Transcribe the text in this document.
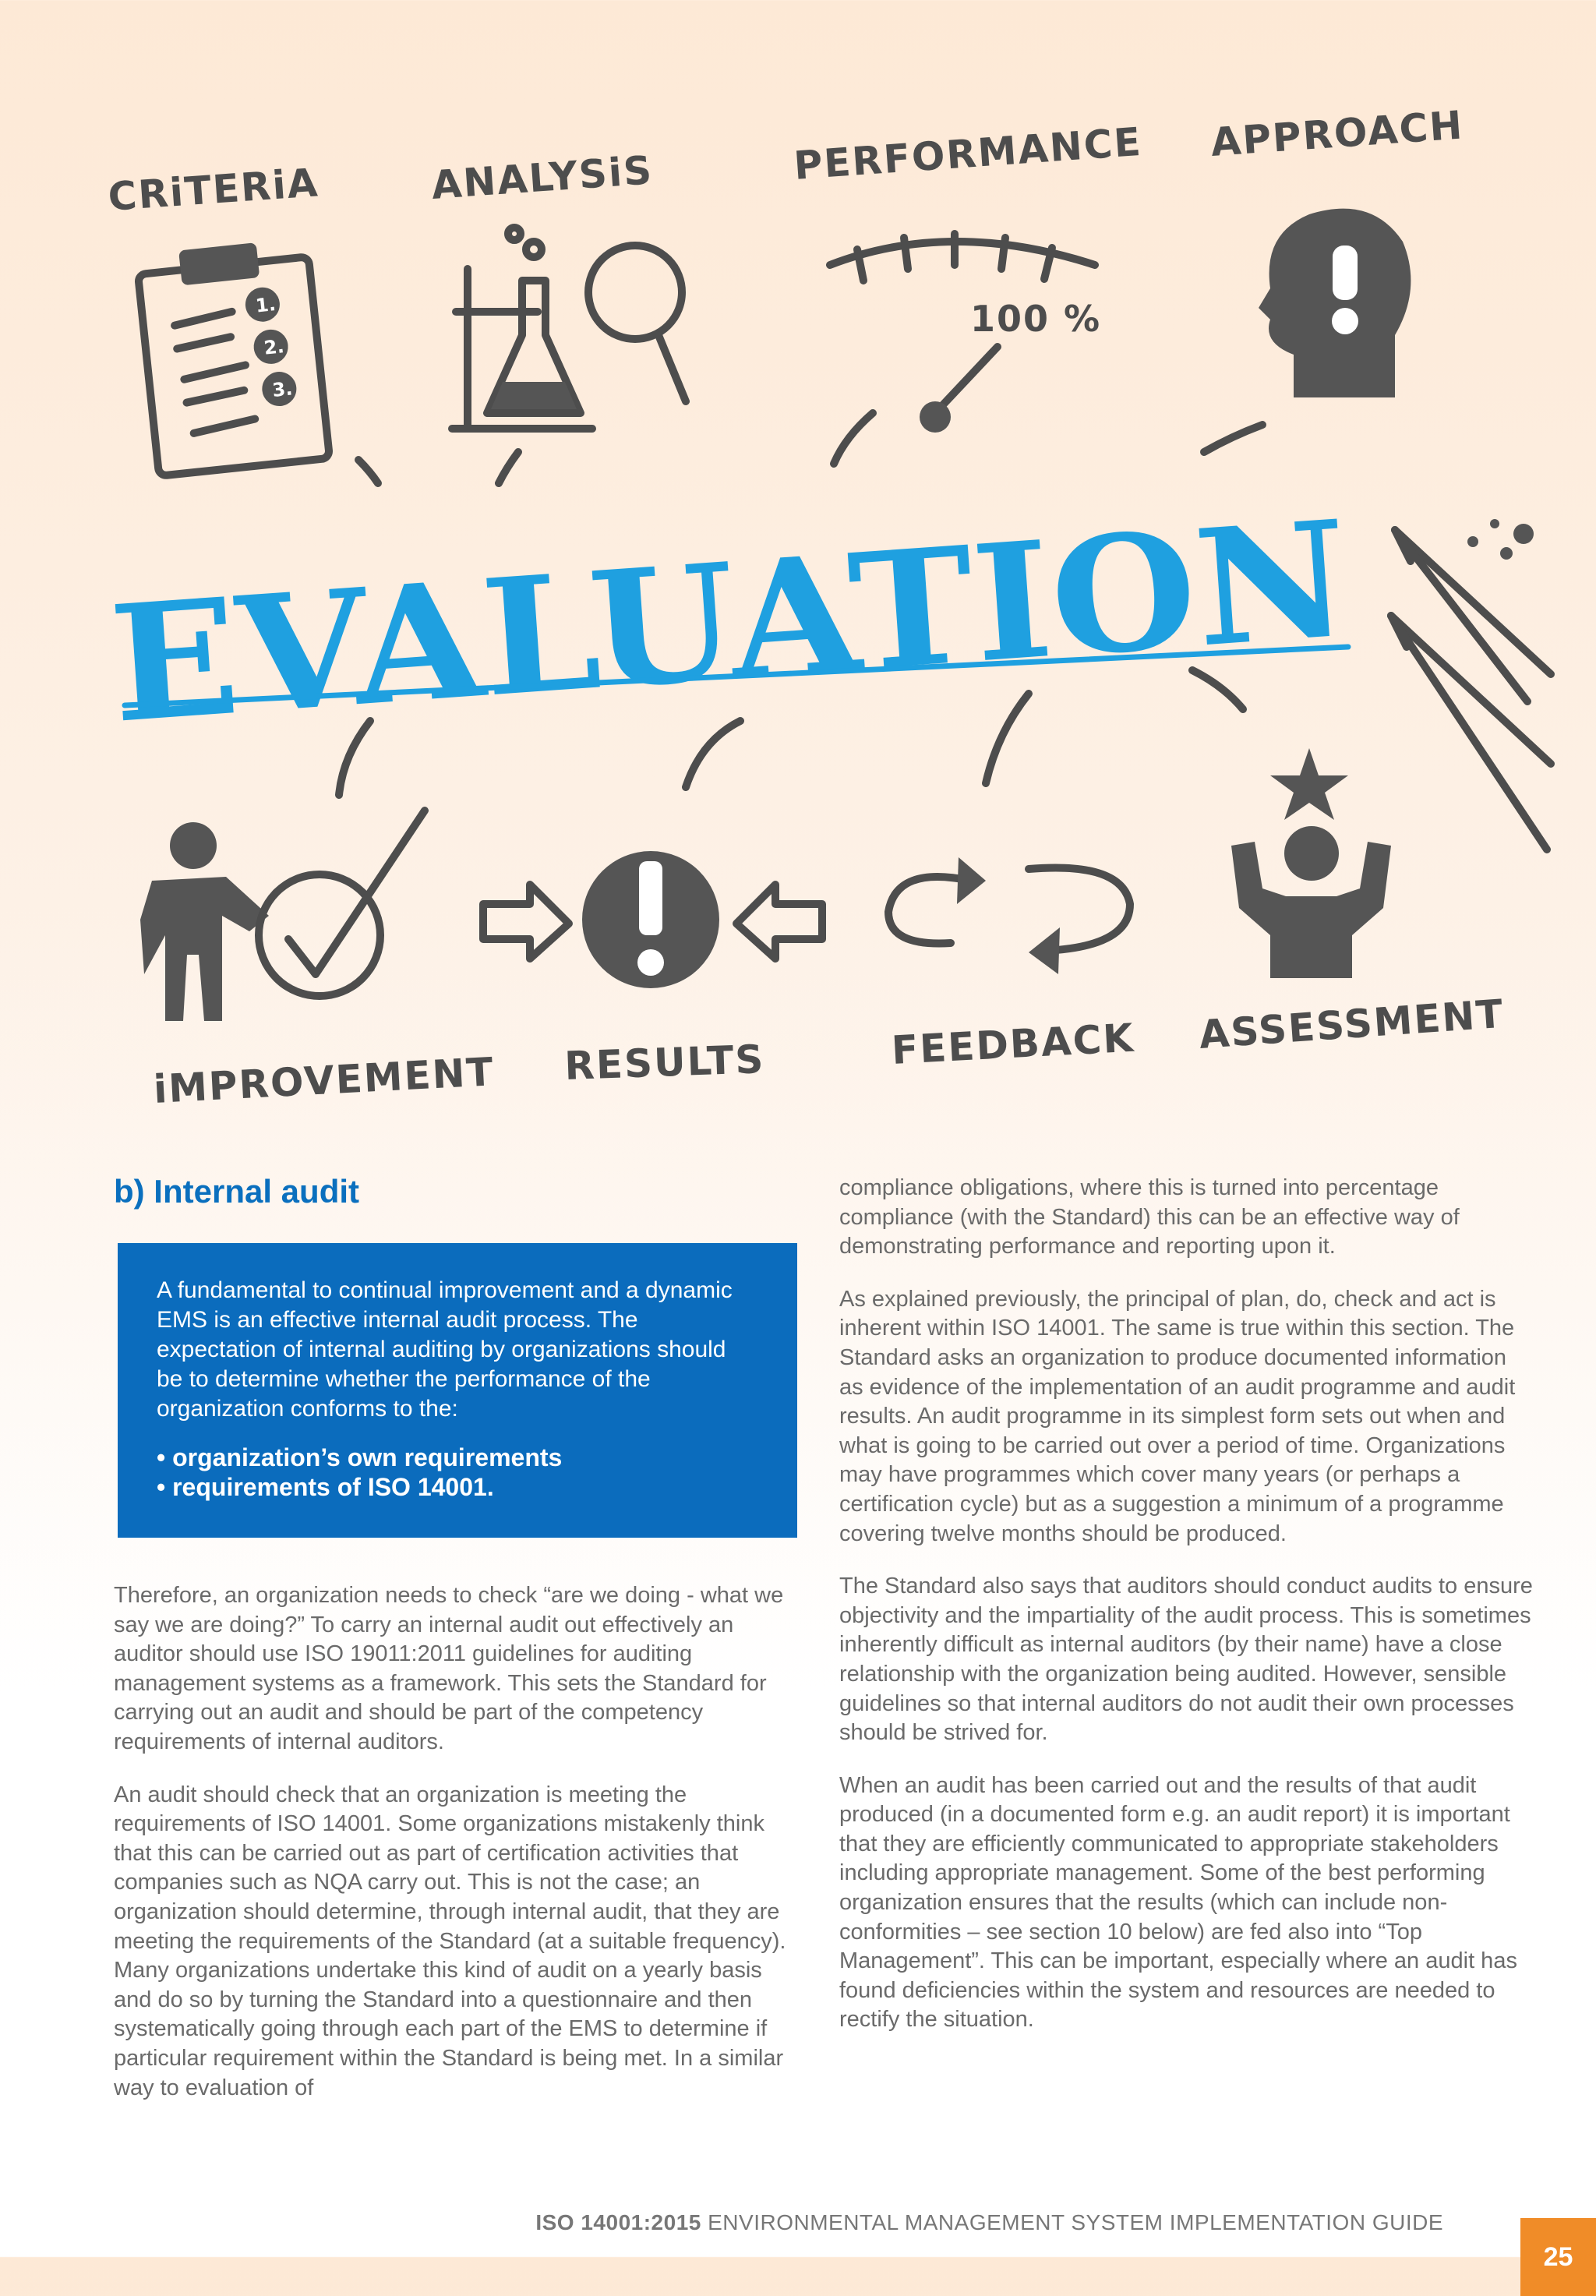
CRiTERiA	ANALYSiS	PERFORMANCE APPROACH
1.
2.
3.
100 %
EVALUATION
iMPROVEMENT RESULTS	FEEDBACK ASSESSMENT
b) Internal audit
A fundamental to continual improvement and a dynamic EMS is an effective internal audit process. The expectation of internal auditing by organizations should be to determine whether the performance of the organization conforms to the:
• organization’s own requirements
• requirements of ISO 14001.

Therefore, an organization needs to check “are we doing - what we say we are doing?” To carry an internal audit out effectively an auditor should use ISO 19011:2011 guidelines for auditing management systems as a framework. This sets the Standard for carrying out an audit and should be part of the competency requirements of internal auditors.

An audit should check that an organization is meeting the requirements of ISO 14001. Some organizations mistakenly think that this can be carried out as part of certification activities that companies such as NQA carry out. This is not the case; an organization should determine, through internal audit, that they are meeting the requirements of the Standard (at a suitable frequency). Many organizations undertake this kind of audit on a yearly basis and do so by turning the Standard into a questionnaire and then systematically going through each part of the EMS to determine if particular requirement within the Standard is being met. In a similar way to evaluation of

compliance obligations, where this is turned into percentage compliance (with the Standard) this can be an effective way of demonstrating performance and reporting upon it.

As explained previously, the principal of plan, do, check and act is inherent within ISO 14001. The same is true within this section. The Standard asks an organization to produce documented information as evidence of the implementation of an audit programme and audit results. An audit programme in its simplest form sets out when and what is going to be carried out over a period of time. Organizations may have programmes which cover many years (or perhaps a certification cycle) but as a suggestion a minimum of a programme covering twelve months should be produced.

The Standard also says that auditors should conduct audits to ensure objectivity and the impartiality of the audit process. This is sometimes inherently difficult as internal auditors (by their name) have a close relationship with the organization being audited. However, sensible guidelines so that internal auditors do not audit their own processes should be strived for.

When an audit has been carried out and the results of that audit produced (in a documented form e.g. an audit report) it is important that they are efficiently communicated to appropriate stakeholders including appropriate management. Some of the best performing organization ensures that the results (which can include non-conformities – see section 10 below) are fed also into “Top Management”. This can be important, especially where an audit has found deficiencies within the system and resources are needed to rectify the situation.

ISO 14001:2015 ENVIRONMENTAL MANAGEMENT SYSTEM IMPLEMENTATION GUIDE
25
